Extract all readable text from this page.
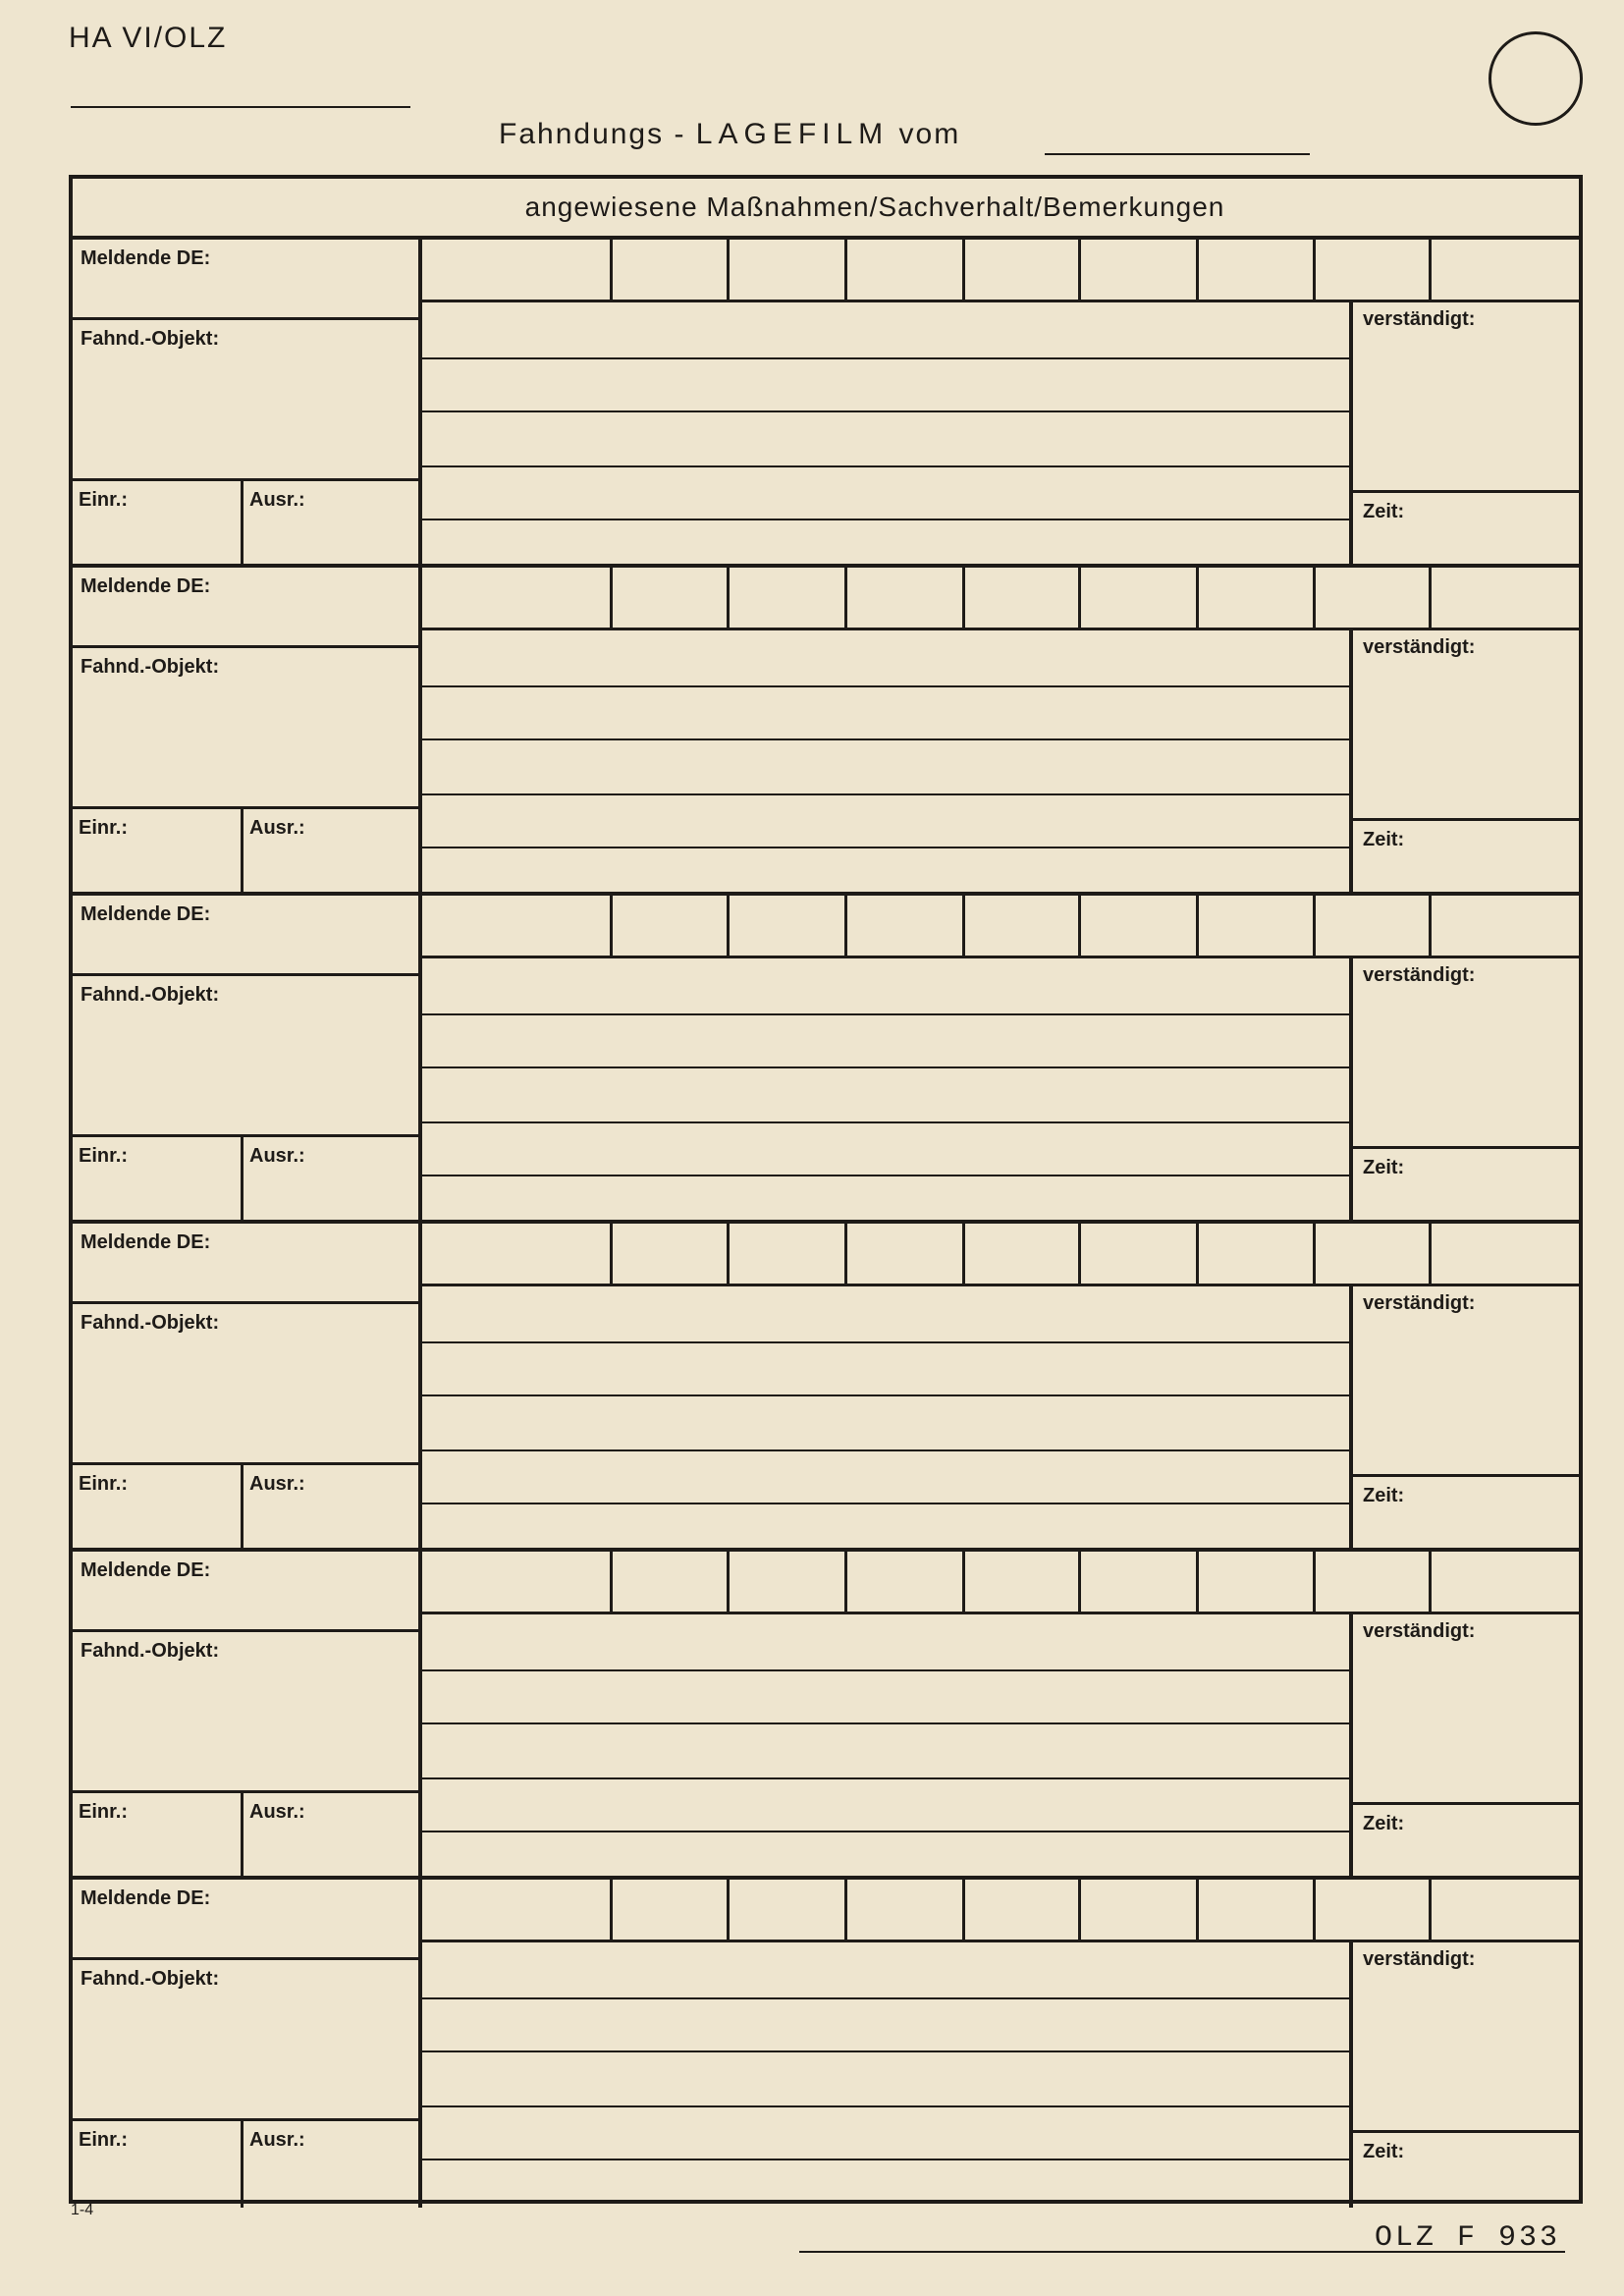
HA VI/OLZ
Fahndungs - LAGEFILM vom
angewiesene Maßnahmen/Sachverhalt/Bemerkungen
Meldende DE:
Fahnd.-Objekt:
Einr.:	Ausr.:
verständigt:
Zeit:
Meldende DE:
Fahnd.-Objekt:
Einr.:	Ausr.:
verständigt:
Zeit:
Meldende DE:
Fahnd.-Objekt:
Einr.:	Ausr.:
verständigt:
Zeit:
Meldende DE:
Fahnd.-Objekt:
Einr.:	Ausr.:
verständigt:
Zeit:
Meldende DE:
Fahnd.-Objekt:
Einr.:	Ausr.:
verständigt:
Zeit:
Meldende DE:
Fahnd.-Objekt:
Einr.:	Ausr.:
verständigt:
Zeit:
1-4
OLZ F 933
